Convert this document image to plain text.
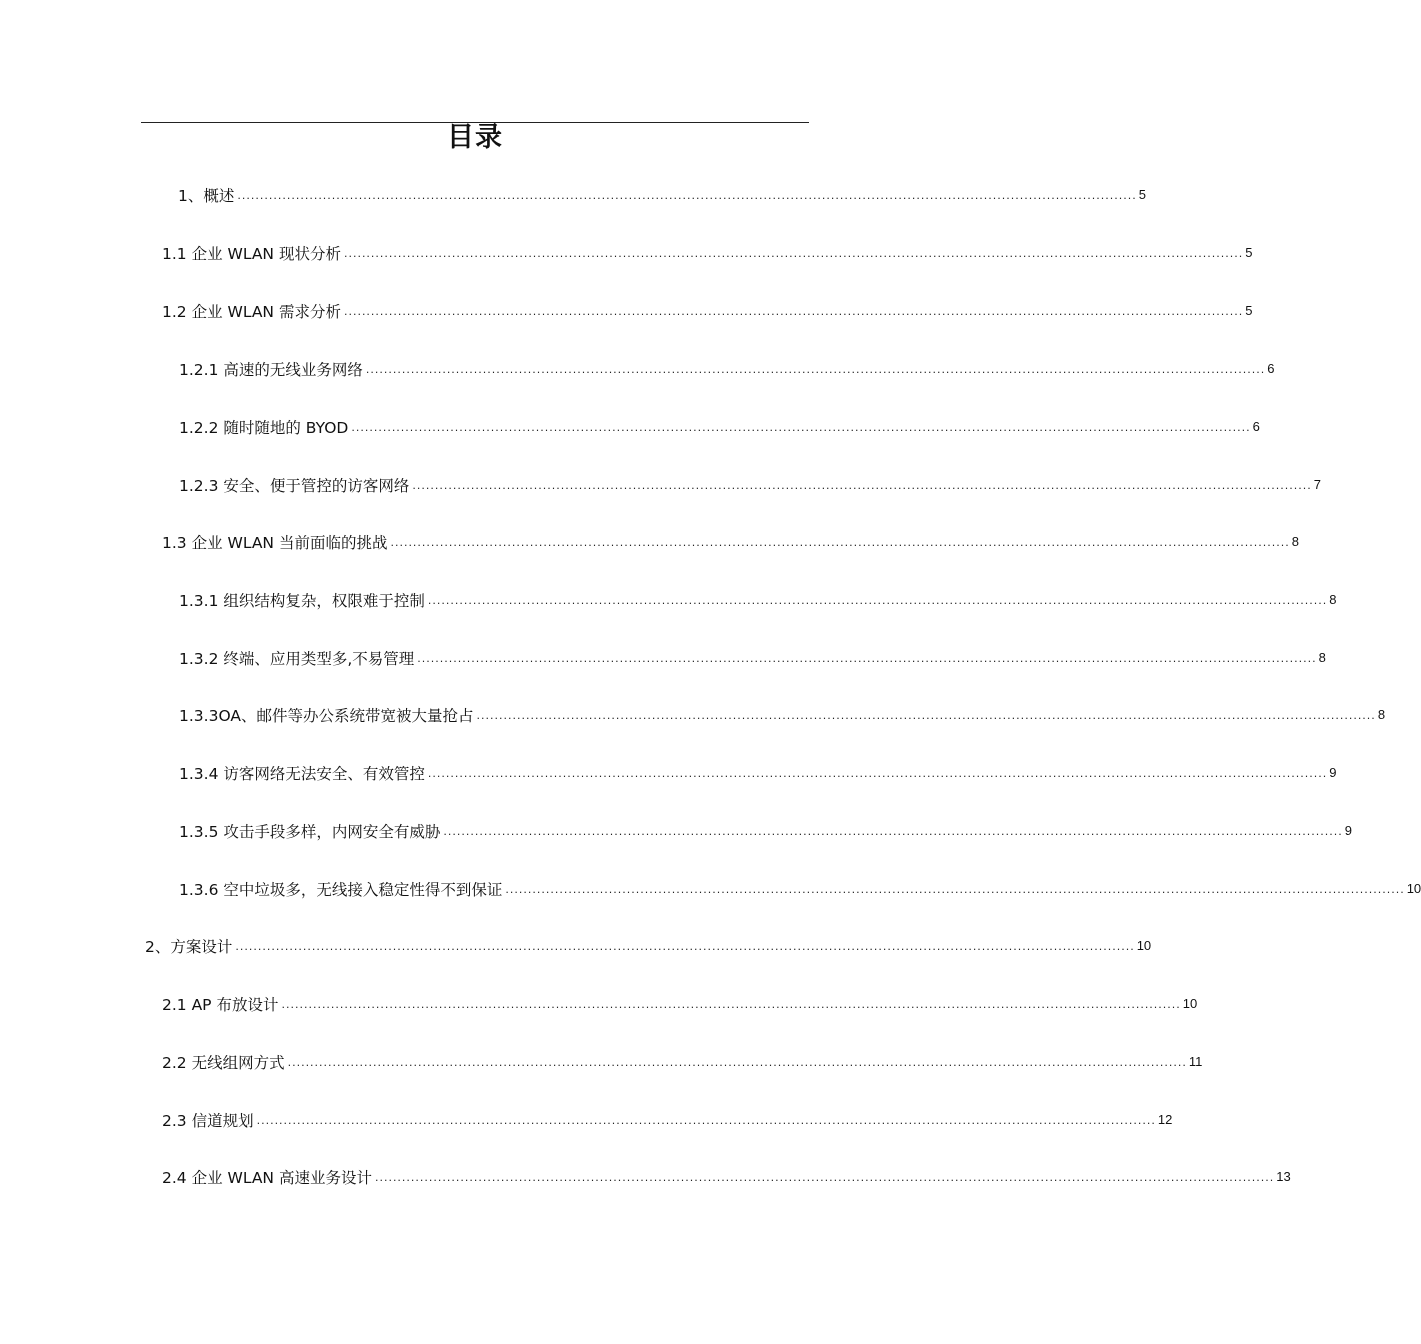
目录
1、概述 ........................................................................................................................................................................................................ 5
1.1 企业 WLAN 现状分析 ........................................................................................................................................................................................................ 5
1.2 企业 WLAN 需求分析 ........................................................................................................................................................................................................ 5
1.2.1 高速的无线业务网络 ........................................................................................................................................................................................................ 6
1.2.2 随时随地的 BYOD ........................................................................................................................................................................................................ 6
1.2.3 安全、便于管控的访客网络 ........................................................................................................................................................................................................ 7
1.3 企业 WLAN 当前面临的挑战 ........................................................................................................................................................................................................ 8
1.3.1 组织结构复杂，权限难于控制 ........................................................................................................................................................................................................ 8
1.3.2 终端、应用类型多,不易管理 ........................................................................................................................................................................................................ 8
1.3.3OA、邮件等办公系统带宽被大量抢占 ........................................................................................................................................................................................................ 8
1.3.4 访客网络无法安全、有效管控 ........................................................................................................................................................................................................ 9
1.3.5 攻击手段多样，内网安全有威胁 ........................................................................................................................................................................................................ 9
1.3.6 空中垃圾多，无线接入稳定性得不到保证 ........................................................................................................................................................................................................ 10
2、方案设计 ........................................................................................................................................................................................................ 10
2.1 AP 布放设计 ........................................................................................................................................................................................................ 10
2.2 无线组网方式 ........................................................................................................................................................................................................ 11
2.3 信道规划 ........................................................................................................................................................................................................ 12
2.4 企业 WLAN 高速业务设计 ........................................................................................................................................................................................................ 13
